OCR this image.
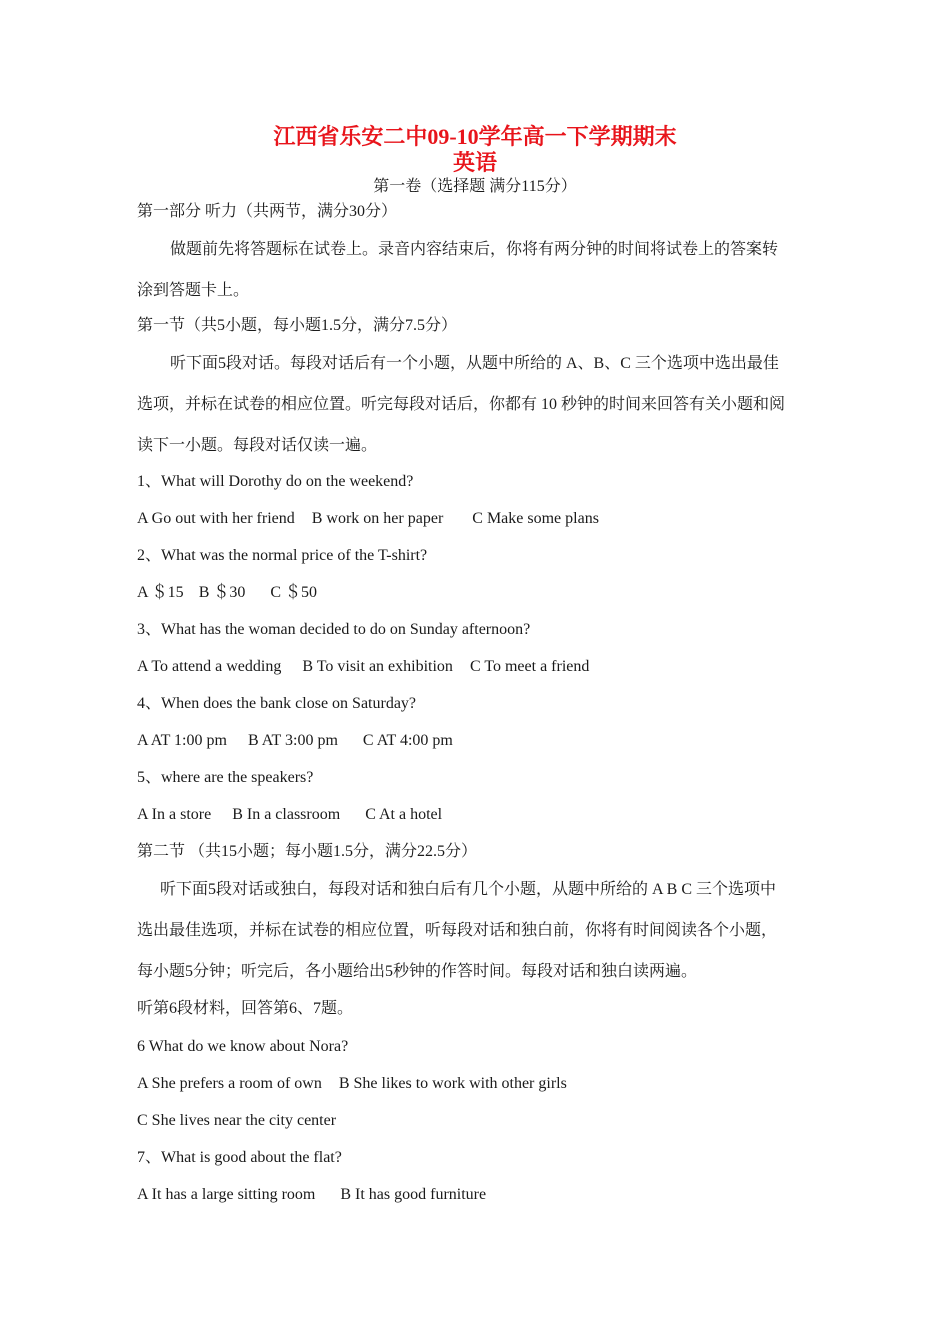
江西省乐安二中09-10学年高一下学期期末
英语
第一卷（选择题 满分115分）
第一部分 听力（共两节，满分30分）
做题前先将答题标在试卷上。录音内容结束后，你将有两分钟的时间将试卷上的答案转
涂到答题卡上。
第一节（共5小题，每小题1.5分，满分7.5分）
听下面5段对话。每段对话后有一个小题，从题中所给的 A、B、C 三个选项中选出最佳
选项，并标在试卷的相应位置。听完每段对话后，你都有 10 秒钟的时间来回答有关小题和阅
读下一小题。每段对话仅读一遍。
1、What will Dorothy do on the weekend?
A Go out with her friend B work on her paper C Make some plans
2、What was the normal price of the T-shirt?
A ＄15 B ＄30 C ＄50
3、What has the woman decided to do on Sunday afternoon?
A To attend a wedding B To visit an exhibition C To meet a friend
4、When does the bank close on Saturday?
A AT 1:00 pm B AT 3:00 pm C AT 4:00 pm
5、where are the speakers?
A In a store B In a classroom C At a hotel
第二节 （共15小题；每小题1.5分，满分22.5分）
听下面5段对话或独白，每段对话和独白后有几个小题，从题中所给的 A B C 三个选项中
选出最佳选项，并标在试卷的相应位置，听每段对话和独白前，你将有时间阅读各个小题，
每小题5分钟；听完后，各小题给出5秒钟的作答时间。每段对话和独白读两遍。
听第6段材料，回答第6、7题。
6 What do we know about Nora?
A She prefers a room of own B She likes to work with other girls
C She lives near the city center
7、What is good about the flat?
A It has a large sitting room B It has good furniture
